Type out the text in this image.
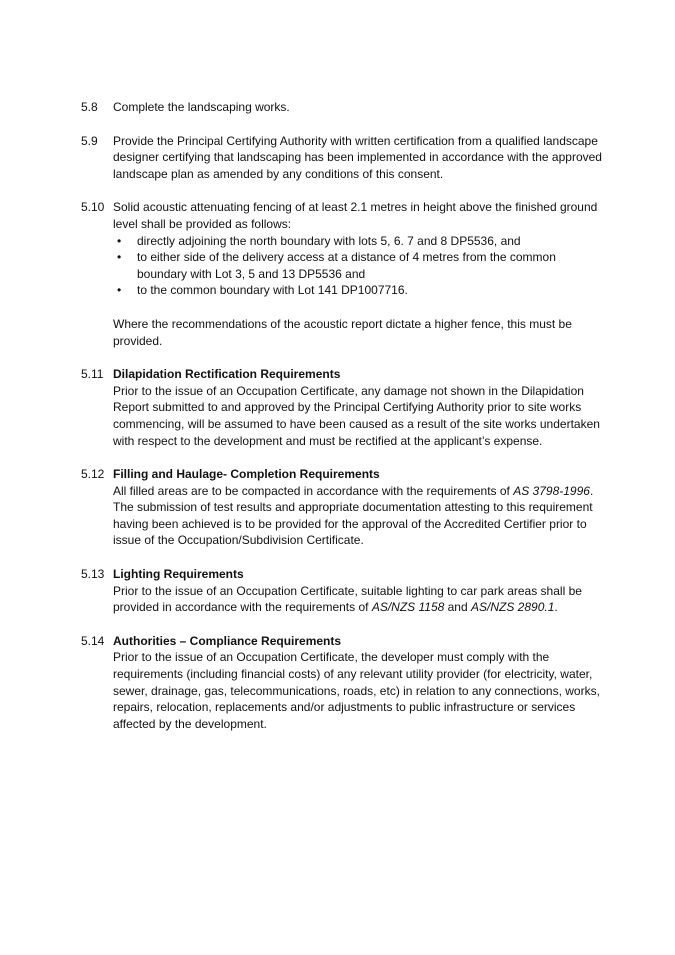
5.8	Complete the landscaping works.

5.9	Provide the Principal Certifying Authority with written certification from a qualified landscape designer certifying that landscaping has been implemented in accordance with the approved landscape plan as amended by any conditions of this consent.

5.10 Solid acoustic attenuating fencing of at least 2.1 metres in height above the finished ground level shall be provided as follows:

• directly adjoining the north boundary with lots 5, 6. 7 and 8 DP5536, and
• to either side of the delivery access at a distance of 4 metres from the common boundary with Lot 3, 5 and 13 DP5536 and
• to the common boundary with Lot 141 DP1007716.

Where the recommendations of the acoustic report dictate a higher fence, this must be provided.

5.11 Dilapidation Rectification Requirements

Prior to the issue of an Occupation Certificate, any damage not shown in the Dilapidation Report submitted to and approved by the Principal Certifying Authority prior to site works commencing, will be assumed to have been caused as a result of the site works undertaken with respect to the development and must be rectified at the applicant’s expense.

5.12 Filling and Haulage- Completion Requirements

All filled areas are to be compacted in accordance with the requirements of AS 3798-1996. The submission of test results and appropriate documentation attesting to this requirement having been achieved is to be provided for the approval of the Accredited Certifier prior to issue of the Occupation/Subdivision Certificate.

5.13 Lighting Requirements

Prior to the issue of an Occupation Certificate, suitable lighting to car park areas shall be provided in accordance with the requirements of AS/NZS 1158 and AS/NZS 2890.1.

5.14 Authorities – Compliance Requirements

Prior to the issue of an Occupation Certificate, the developer must comply with the requirements (including financial costs) of any relevant utility provider (for electricity, water, sewer, drainage, gas, telecommunications, roads, etc) in relation to any connections, works, repairs, relocation, replacements and/or adjustments to public infrastructure or services affected by the development.
